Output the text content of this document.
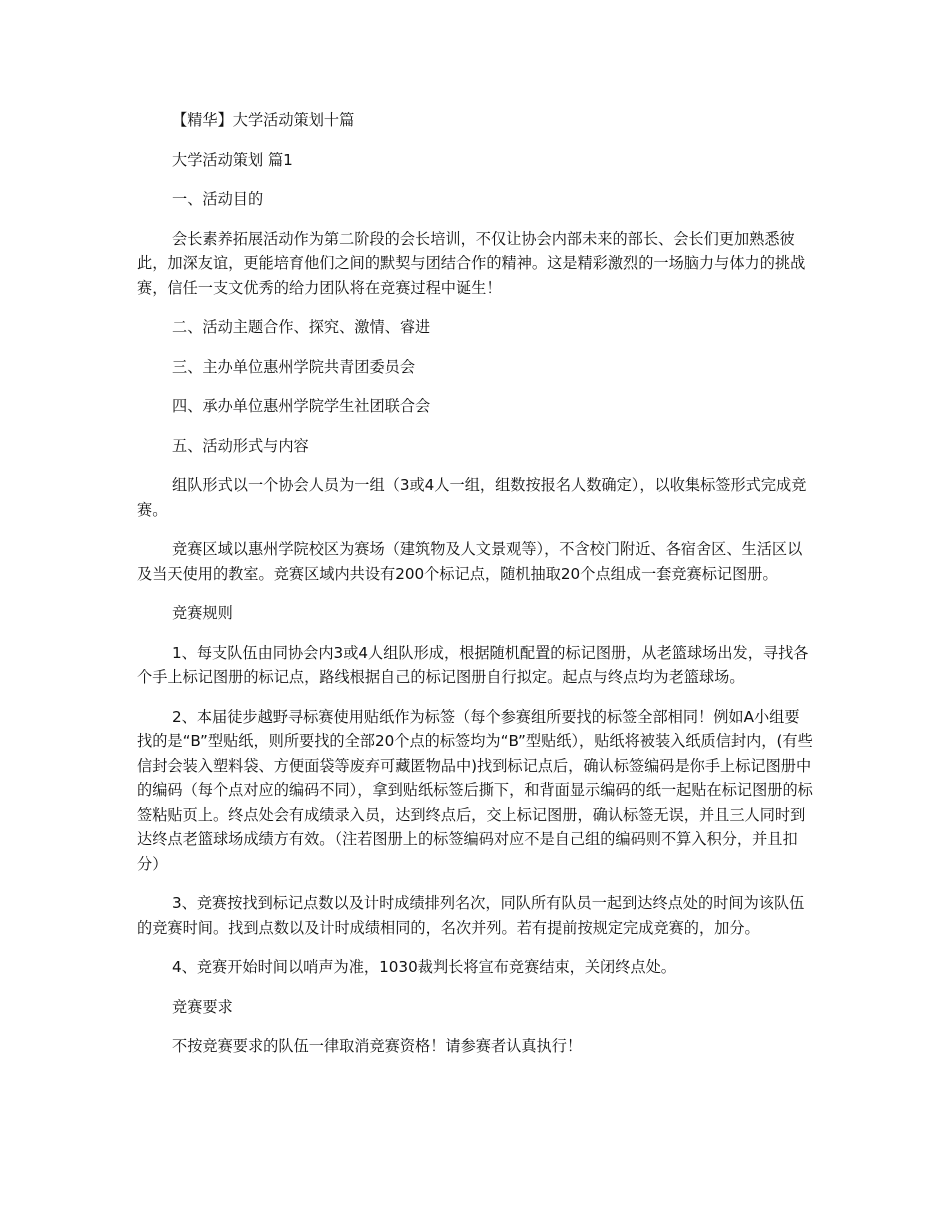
【精华】大学活动策划十篇

大学活动策划 篇1

一、活动目的

会长素养拓展活动作为第二阶段的会长培训，不仅让协会内部未来的部长、会长们更加熟悉彼此，加深友谊，更能培育他们之间的默契与团结合作的精神。这是精彩激烈的一场脑力与体力的挑战赛，信任一支文优秀的给力团队将在竞赛过程中诞生！

二、活动主题合作、探究、激情、睿进

三、主办单位惠州学院共青团委员会

四、承办单位惠州学院学生社团联合会

五、活动形式与内容

组队形式以一个协会人员为一组（3或4人一组，组数按报名人数确定），以收集标签形式完成竞赛。

竞赛区域以惠州学院校区为赛场（建筑物及人文景观等），不含校门附近、各宿舍区、生活区以及当天使用的教室。竞赛区域内共设有200个标记点，随机抽取20个点组成一套竞赛标记图册。

竞赛规则

1、每支队伍由同协会内3或4人组队形成，根据随机配置的标记图册，从老篮球场出发，寻找各个手上标记图册的标记点，路线根据自己的标记图册自行拟定。起点与终点均为老篮球场。

2、本届徒步越野寻标赛使用贴纸作为标签（每个参赛组所要找的标签全部相同！例如A小组要找的是“B”型贴纸，则所要找的全部20个点的标签均为“B”型贴纸），贴纸将被装入纸质信封内，(有些信封会装入塑料袋、方便面袋等废弃可藏匿物品中)找到标记点后，确认标签编码是你手上标记图册中的编码（每个点对应的编码不同），拿到贴纸标签后撕下，和背面显示编码的纸一起贴在标记图册的标签粘贴页上。终点处会有成绩录入员，达到终点后，交上标记图册，确认标签无误，并且三人同时到达终点老篮球场成绩方有效。（注若图册上的标签编码对应不是自己组的编码则不算入积分，并且扣分）

3、竞赛按找到标记点数以及计时成绩排列名次，同队所有队员一起到达终点处的时间为该队伍的竞赛时间。找到点数以及计时成绩相同的，名次并列。若有提前按规定完成竞赛的，加分。

4、竞赛开始时间以哨声为准，1030裁判长将宣布竞赛结束，关闭终点处。

竞赛要求

不按竞赛要求的队伍一律取消竞赛资格！请参赛者认真执行！
